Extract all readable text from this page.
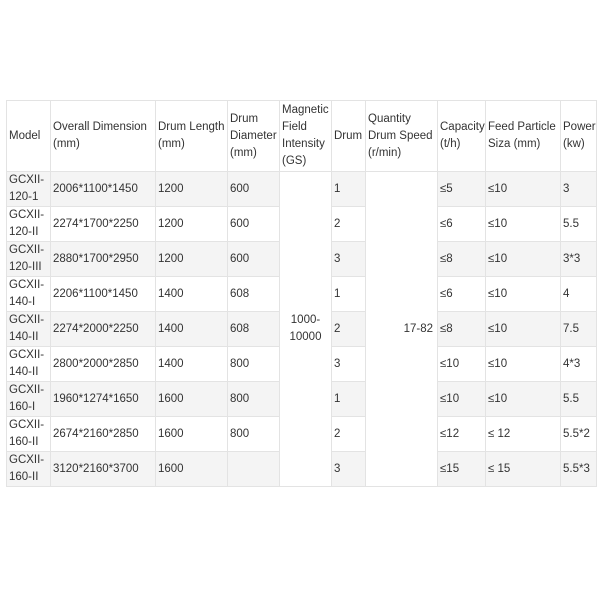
Model	Overall Dimension (mm)	Drum Length (mm)	Drum Diameter (mm)	Magnetic Field Intensity (GS)	Drum	Quantity Drum Speed (r/min)	Capacity (t/h)	Feed Particle Siza (mm)	Power (kw)
GCXII-120-1	2006*1100*1450	1200	600	1000-10000	1	17-82	≤5	≤10	3
GCXII-120-II	2274*1700*2250	1200	600		2		≤6	≤10	5.5
GCXII-120-III	2880*1700*2950	1200	600		3		≤8	≤10	3*3
GCXII-140-I	2206*1100*1450	1400	608		1		≤6	≤10	4
GCXII-140-II	2274*2000*2250	1400	608		2		≤8	≤10	7.5
GCXII-140-II	2800*2000*2850	1400	800		3		≤10	≤10	4*3
GCXII-160-I	1960*1274*1650	1600	800		1		≤10	≤10	5.5
GCXII-160-II	2674*2160*2850	1600	800		2		≤12	≤ 12	5.5*2
GCXII-160-II	3120*2160*3700	1600			3		≤15	≤ 15	5.5*3
